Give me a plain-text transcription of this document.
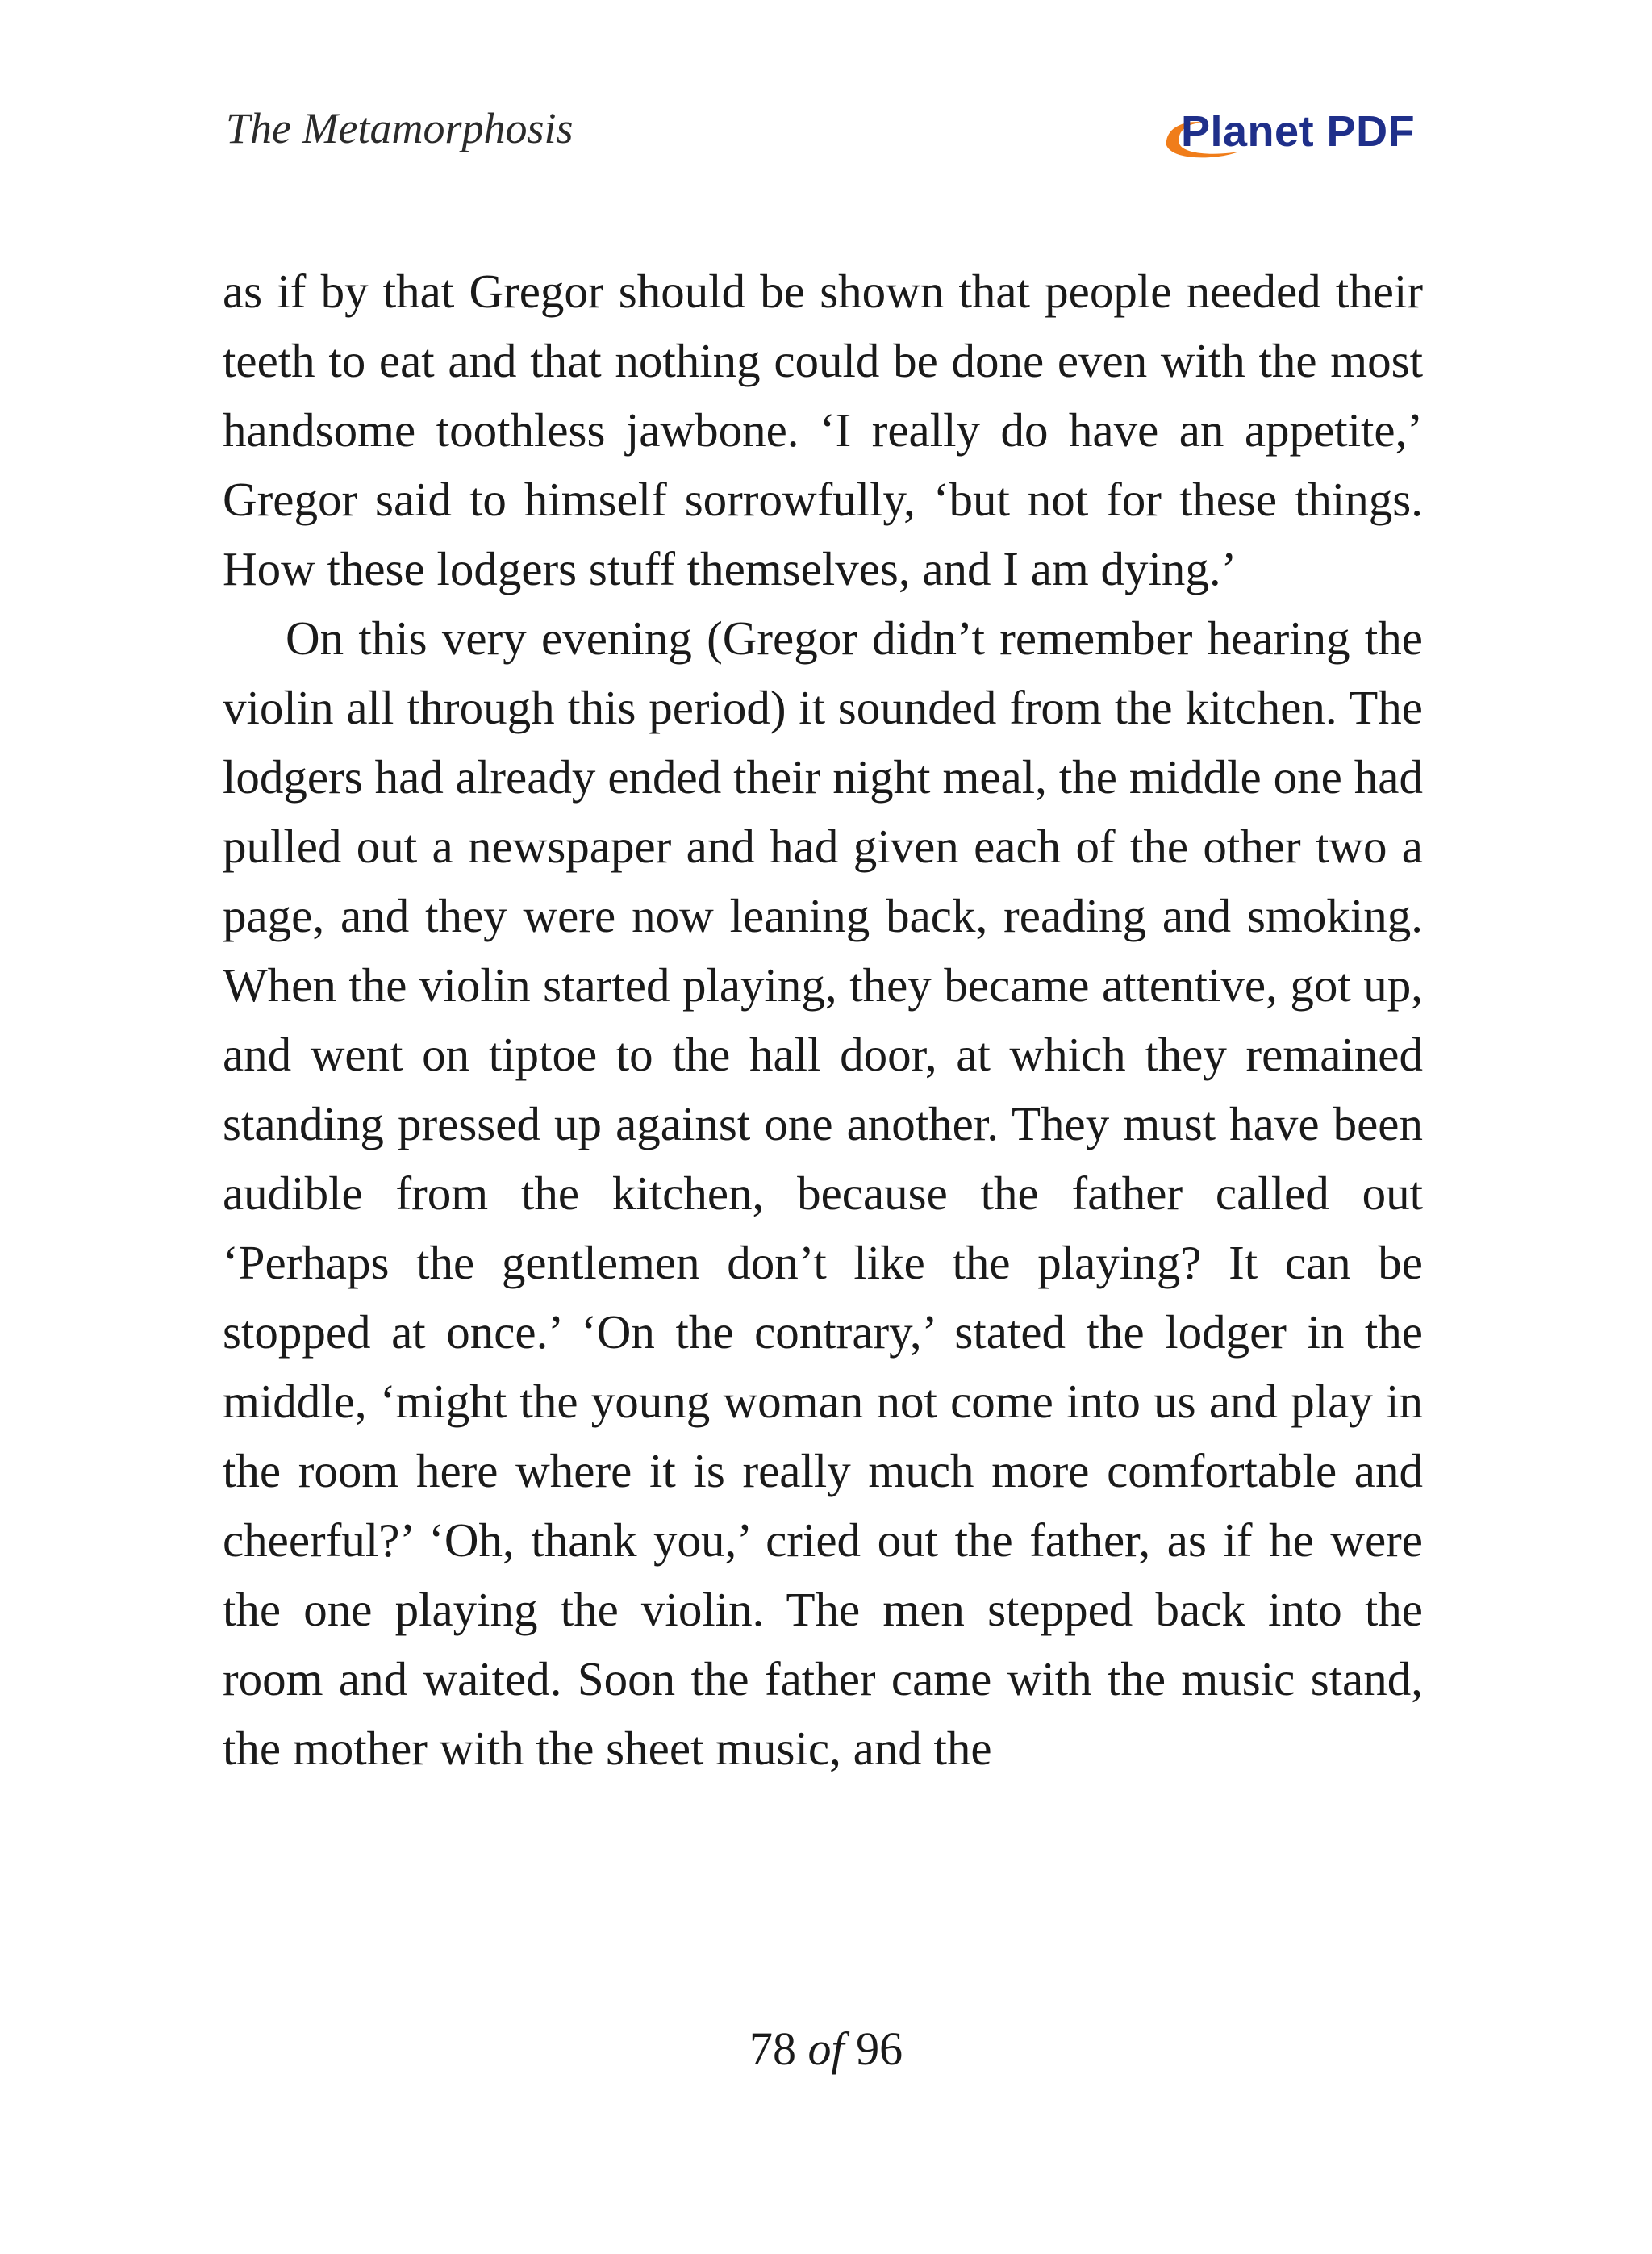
The Metamorphosis	Planet PDF

as if by that Gregor should be shown that people needed their teeth to eat and that nothing could be done even with the most handsome toothless jawbone. ‘I really do have an appetite,’ Gregor said to himself sorrowfully, ‘but not for these things. How these lodgers stuff themselves, and I am dying.’

On this very evening (Gregor didn’t remember hearing the violin all through this period) it sounded from the kitchen. The lodgers had already ended their night meal, the middle one had pulled out a newspaper and had given each of the other two a page, and they were now leaning back, reading and smoking. When the violin started playing, they became attentive, got up, and went on tiptoe to the hall door, at which they remained standing pressed up against one another. They must have been audible from the kitchen, because the father called out ‘Perhaps the gentlemen don’t like the playing? It can be stopped at once.’ ‘On the contrary,’ stated the lodger in the middle, ‘might the young woman not come into us and play in the room here where it is really much more comfortable and cheerful?’ ‘Oh, thank you,’ cried out the father, as if he were the one playing the violin. The men stepped back into the room and waited. Soon the father came with the music stand, the mother with the sheet music, and the

78 of 96
